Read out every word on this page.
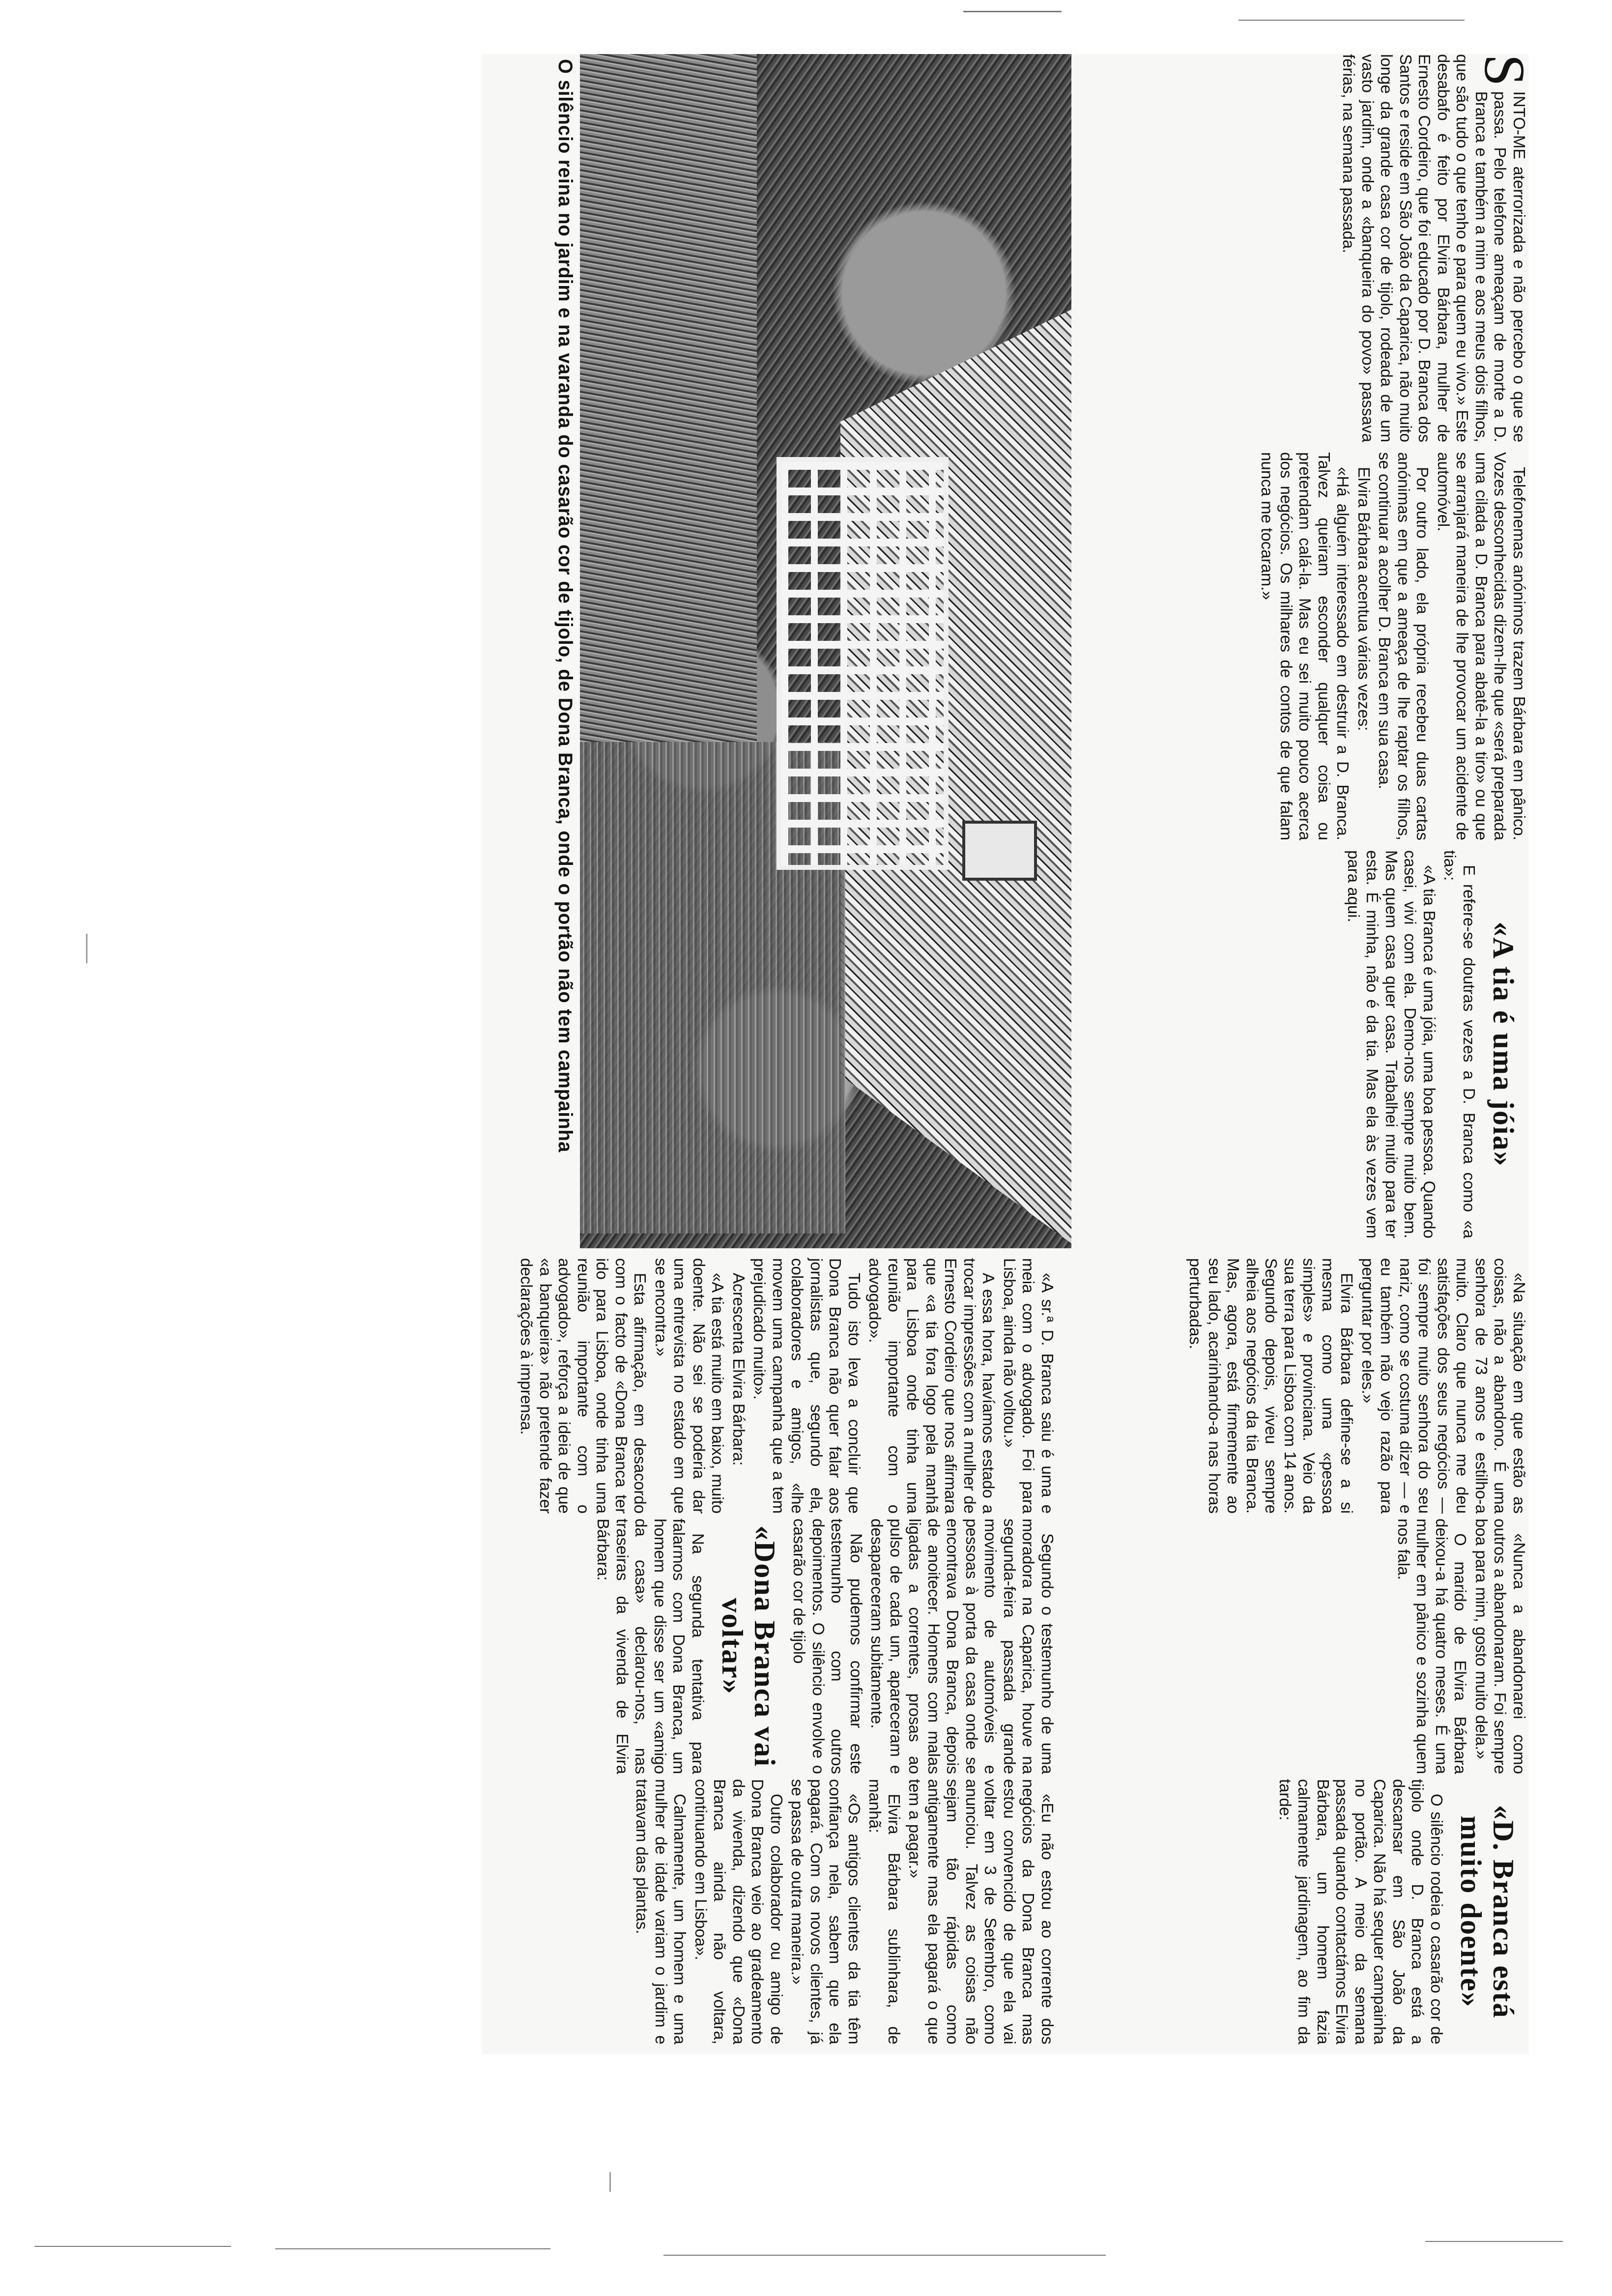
O silêncio reina no jardim e na varanda do casarão cor de tijolo, de Dona Branca, onde o portão não tem campainha	S
INTO-ME aterrorizada e não percebo o que se passa. Pelo telefone ameaçam de morte a D. Branca e também a mim e aos meus dois filhos, que são tudo o que tenho e para quem eu vivo.» Este desabafo é feito por Elvira Bárbara, mulher de Ernesto Cordeiro, que foi educado por D. Branca dos Santos e reside em São João da Caparica, não muito longe da grande casa cor de tijolo, rodeada de um vasto jardim, onde a «banqueira do povo» passava férias, na semana passada.

Telefonemas anónimos trazem Bárbara em pânico. Vozes desconhecidas dizem-lhe que «será preparada uma cilada a D. Branca para abatê-la a tiro» ou que se arranjará maneira de lhe provocar um acidente de automóvel.

Por outro lado, ela própria recebeu duas cartas anónimas em que a ameaça de lhe raptar os filhos, se continuar a acolher D. Branca em sua casa.

Elvira Bárbara acentua várias vezes:

«Há alguém interessado em destruir a D. Branca. Talvez queiram esconder qualquer coisa ou pretendam calá-la. Mas eu sei muito pouco acerca dos negócios. Os milhares de contos de que falam nunca me tocaram.»

«A tia é uma jóia»

E refere-se doutras vezes a D. Branca como «a tia»:

«A tia Branca é uma jóia, uma boa pessoa. Quando casei, vivi com ela. Demo-nos sempre muito bem. Mas quem casa quer casa. Trabalhei muito para ter esta. É minha, não é da tia. Mas ela às vezes vem para aqui.

«Na situação em que estão as coisas, não a abandono. É uma senhora de 73 anos e estilho-a muito. Claro que nunca me deu satisfações dos seus negócios — foi sempre muito senhora do seu nariz, como se costuma dizer — e eu também não vejo razão para perguntar por eles.»

Elvira Bárbara define-se a si mesma como uma «pessoa simples» e provinciana. Veio da sua terra para Lisboa com 14 anos. Segundo depois, viveu sempre alheia aos negócios da tia Branca. Mas, agora, está firmemente ao seu lado, acarinhando-a nas horas perturbadas.

«Nunca a abandonarei como outros a abandonaram. Foi sempre boa para mim, gosto muito dela.»

O marido de Elvira Bárbara deixou-a há quatro meses. É uma mulher em pânico e sozinha quem nos fala.

«D. Branca está muito doente»

O silêncio rodeia o casarão cor de tijolo onde D. Branca está a descansar em São João da Caparica. Não há sequer campainha no portão. A meio da semana passada quando contactámos Elvira Bárbara, um homem fazia calmamente jardinagem, ao fim da tarde:

«A sr.ª D. Branca saiu é uma e meia com o advogado. Foi para Lisboa, ainda não voltou.»

A essa hora, havíamos estado a trocar impressões com a mulher de Ernesto Cordeiro que nos afirmara que «a tia fora logo pela manhã para Lisboa onde tinha uma reunião importante com o advogado».

Tudo isto leva a concluir que Dona Branca não quer falar aos jornalistas que, segundo ela, colaboradores e amigos, «lhe movem uma campanha que a tem prejudicado muito».

Acrescenta Elvira Bárbara:

«A tia está muito em baixo, muito doente. Não sei se poderia dar uma entrevista no estado em que se encontra.»

Esta afirmação, em desacordo com o facto de «Dona Branca ter ido para Lisboa, onde tinha uma reunião importante com o advogado», reforça a ideia de que «a banqueira» não pretende fazer declarações à imprensa.

Segundo o testemunho de uma moradora na Caparica, houve na segunda-feira passada grande movimento de automóveis e pessoas à porta da casa onde se encontrava Dona Branca, depois de anoitecer. Homens com malas ligadas a correntes, prosas ao pulso de cada um, apareceram e desapareceram subitamente.

Não pudemos confirmar este testemunho com outros depoimentos. O silêncio envolve o casarão cor de tijolo

«Dona Branca vai voltar»

Na segunda tentativa para falarmos com Dona Branca, um homem que disse ser um «amigo da casa» declarou-nos, nas traseiras da vivenda de Elvira Bárbara:

«Eu não estou ao corrente dos negócios da Dona Branca mas estou convencido de que ela vai voltar em 3 de Setembro, como anunciou. Talvez as coisas não sejam tão rápidas como antigamente mas ela pagará o que tem a pagar.»

Elvira Bárbara sublinhara, de manhã:

«Os antigos clientes da tia têm confiança nela, sabem que ela pagará. Com os novos clientes, já se passa de outra maneira.»

Outro colaborador ou amigo de Dona Branca veio ao gradeamento da vivenda, dizendo que «Dona Branca ainda não voltara, continuando em Lisboa».

Calmamente, um homem e uma mulher de idade variam o jardim e tratavam das plantas.
